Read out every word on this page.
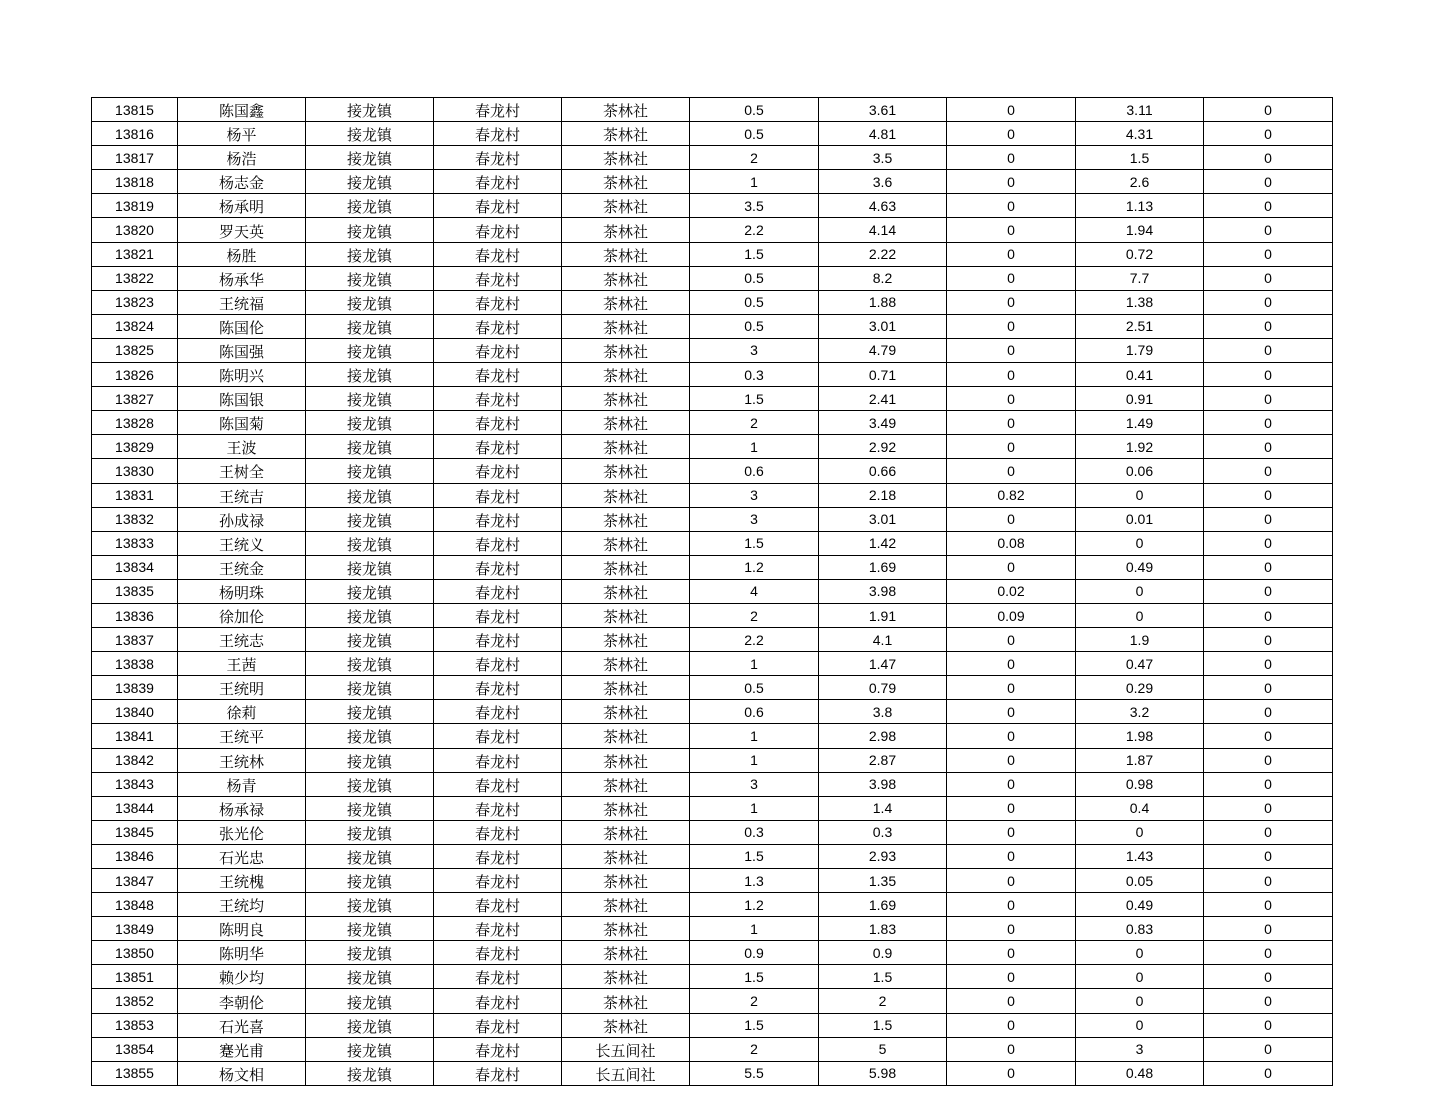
13815	陈国鑫	接龙镇	春龙村	茶林社	0.5	3.61	0	3.11	0
13816	杨平	接龙镇	春龙村	茶林社	0.5	4.81	0	4.31	0
13817	杨浩	接龙镇	春龙村	茶林社	2	3.5	0	1.5	0
13818	杨志金	接龙镇	春龙村	茶林社	1	3.6	0	2.6	0
13819	杨承明	接龙镇	春龙村	茶林社	3.5	4.63	0	1.13	0
13820	罗天英	接龙镇	春龙村	茶林社	2.2	4.14	0	1.94	0
13821	杨胜	接龙镇	春龙村	茶林社	1.5	2.22	0	0.72	0
13822	杨承华	接龙镇	春龙村	茶林社	0.5	8.2	0	7.7	0
13823	王统福	接龙镇	春龙村	茶林社	0.5	1.88	0	1.38	0
13824	陈国伦	接龙镇	春龙村	茶林社	0.5	3.01	0	2.51	0
13825	陈国强	接龙镇	春龙村	茶林社	3	4.79	0	1.79	0
13826	陈明兴	接龙镇	春龙村	茶林社	0.3	0.71	0	0.41	0
13827	陈国银	接龙镇	春龙村	茶林社	1.5	2.41	0	0.91	0
13828	陈国菊	接龙镇	春龙村	茶林社	2	3.49	0	1.49	0
13829	王波	接龙镇	春龙村	茶林社	1	2.92	0	1.92	0
13830	王树全	接龙镇	春龙村	茶林社	0.6	0.66	0	0.06	0
13831	王统吉	接龙镇	春龙村	茶林社	3	2.18	0.82	0	0
13832	孙成禄	接龙镇	春龙村	茶林社	3	3.01	0	0.01	0
13833	王统义	接龙镇	春龙村	茶林社	1.5	1.42	0.08	0	0
13834	王统金	接龙镇	春龙村	茶林社	1.2	1.69	0	0.49	0
13835	杨明珠	接龙镇	春龙村	茶林社	4	3.98	0.02	0	0
13836	徐加伦	接龙镇	春龙村	茶林社	2	1.91	0.09	0	0
13837	王统志	接龙镇	春龙村	茶林社	2.2	4.1	0	1.9	0
13838	王茜	接龙镇	春龙村	茶林社	1	1.47	0	0.47	0
13839	王统明	接龙镇	春龙村	茶林社	0.5	0.79	0	0.29	0
13840	徐莉	接龙镇	春龙村	茶林社	0.6	3.8	0	3.2	0
13841	王统平	接龙镇	春龙村	茶林社	1	2.98	0	1.98	0
13842	王统林	接龙镇	春龙村	茶林社	1	2.87	0	1.87	0
13843	杨青	接龙镇	春龙村	茶林社	3	3.98	0	0.98	0
13844	杨承禄	接龙镇	春龙村	茶林社	1	1.4	0	0.4	0
13845	张光伦	接龙镇	春龙村	茶林社	0.3	0.3	0	0	0
13846	石光忠	接龙镇	春龙村	茶林社	1.5	2.93	0	1.43	0
13847	王统槐	接龙镇	春龙村	茶林社	1.3	1.35	0	0.05	0
13848	王统均	接龙镇	春龙村	茶林社	1.2	1.69	0	0.49	0
13849	陈明良	接龙镇	春龙村	茶林社	1	1.83	0	0.83	0
13850	陈明华	接龙镇	春龙村	茶林社	0.9	0.9	0	0	0
13851	赖少均	接龙镇	春龙村	茶林社	1.5	1.5	0	0	0
13852	李朝伦	接龙镇	春龙村	茶林社	2	2	0	0	0
13853	石光喜	接龙镇	春龙村	茶林社	1.5	1.5	0	0	0
13854	蹇光甫	接龙镇	春龙村	长五间社	2	5	0	3	0
13855	杨文相	接龙镇	春龙村	长五间社	5.5	5.98	0	0.48	0
